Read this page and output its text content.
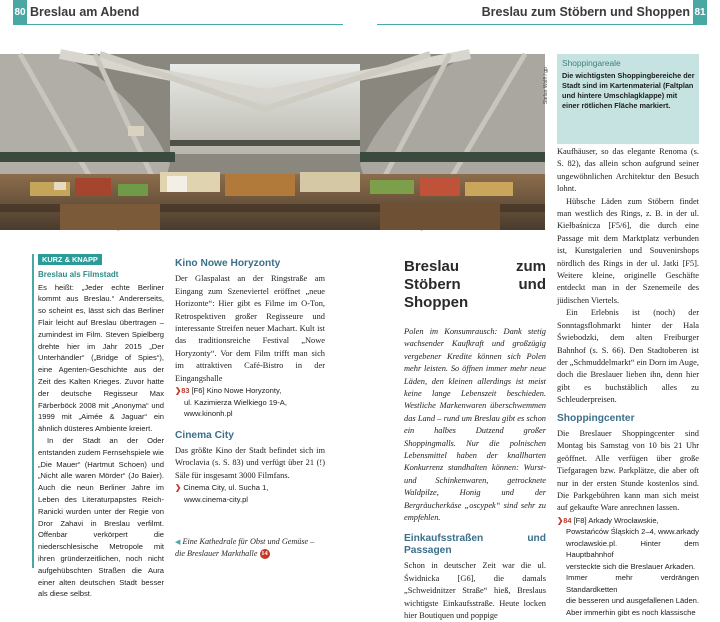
80 Breslau am Abend	Breslau zum Stöbern und Shoppen 81
Stefan Wolff / gp
Shoppingareale
Die wichtigsten Shoppingbereiche der Stadt sind im Kartenmaterial (Faltplan und hintere Umschlagklappe) mit einer rötlichen Fläche markiert.
KURZ & KNAPP
Breslau als Filmstadt

Es heißt: „Jeder echte Berliner kommt aus Breslau.“ Andererseits, so scheint es, lässt sich das Berliner Flair leicht auf Breslau übertragen – zumindest im Film. Steven Spielberg drehte hier im Jahr 2015 „Der Unterhändler“ („Bridge of Spies“), eine Agenten-Geschichte aus der Zeit des Kalten Krieges. Zuvor hatte der deutsche Regisseur Max Färberböck 2008 mit „Anonyma“ und 1999 mit „Aimée & Jaguar“ ein ähnlich düsteres Ambiente kreiert.

In der Stadt an der Oder entstanden zudem Fernsehspiele wie „Die Mauer“ (Hartmut Schoen) und „Nicht alle waren Mörder“ (Jo Baier). Auch die neun Berliner Jahre im Leben des Literaturpapstes Reich-Ranicki wurden unter der Regie von Dror Zahavi in Breslau verfilmt. Offenbar verkörpert die niederschlesische Metropole mit ihren gründerzeitlichen, noch nicht aufgehübschten Straßen die Aura einer alten deutschen Stadt besser als diese selbst.

Kino Nowe Horyzonty

Der Glaspalast an der Ringstraße am Eingang zum Szeneviertel eröffnet „neue Horizonte“: Hier gibt es Filme im O-Ton, Retrospektiven großer Regisseure und interessante Streifen neuer Machart. Kult ist das traditionsreiche Festival „Nowe Horyzonty“. Vor dem Film trifft man sich im attraktiven Café-Bistro in der Eingangshalle

❯83 [F6] Kino Nowe Horyzonty,
ul. Kazimierza Wielkiego 19-A,
www.kinonh.pl
Cinema City

Das größte Kino der Stadt befindet sich im Wroclavia (s. S. 83) und verfügt über 21 (!) Säle für insgesamt 3000 Filmfans.

❯ Cinema City, ul. Sucha 1,
www.cinema-city.pl
◀ Eine Kathedrale für Obst und Gemüse – die Breslauer Markthalle 14
Breslau zum Stöbern und Shoppen

Polen im Konsumrausch: Dank stetig wachsender Kaufkraft und großzügig vergebener Kredite können sich Polen mehr leisten. So öffnen immer mehr neue Läden, den kleinen allerdings ist meist keine lange Lebenszeit beschieden. Westliche Markenwaren überschwemmen das Land – rund um Breslau gibt es schon ein halbes Dutzend großer Shoppingmalls. Nur die polnischen Lebensmittel haben der knallharten Konkurrenz standhalten können: Wurst- und Schinkenwaren, getrocknete Waldpilze, Honig und der Bergräucherkäse „oscypek“ sind sehr zu empfehlen.

Einkaufsstraßen und Passagen

Schon in deutscher Zeit war die ul. Świdnicka [G6], die damals „Schweidnitzer Straße“ hieß, Breslaus wichtigste Einkaufsstraße. Heute locken hier Boutiquen und poppige

Kaufhäuser, so das elegante Renoma (s. S. 82), das allein schon aufgrund seiner ungewöhnlichen Architektur den Besuch lohnt.

Hübsche Läden zum Stöbern findet man westlich des Rings, z. B. in der ul. Kiełbaśnicza [F5/6], die durch eine Passage mit dem Marktplatz verbunden ist, Kunstgalerien und Souvenirshops nördlich des Rings in der ul. Jatki [F5]. Weitere kleine, originelle Geschäfte entdeckt man in der Szenemeile des jüdischen Viertels.

Ein Erlebnis ist (noch) der Sonntagsflohmarkt hinter der Hala Świebodzki, dem alten Freiburger Bahnhof (s. S. 66). Den Stadtoberen ist der „Schmuddelmarkt“ ein Dorn im Auge, doch die Breslauer lieben ihn, denn hier gibt es buchstäblich alles zu Schleuderpreisen.

Shoppingcenter

Die Breslauer Shoppingcenter sind Montag bis Samstag von 10 bis 21 Uhr geöffnet. Alle verfügen über große Tiefgaragen bzw. Parkplätze, die aber oft nur in der ersten Stunde kostenlos sind. Die Parkgebühren kann man sich meist auf gekaufte Ware anrechnen lassen.

❯84 [F8] Arkady Wrocławskie,
Powstańców Śląskich 2–4, www.arkady
wroclawskie.pl. Hinter dem Hauptbahnhof
versteckte sich die Breslauer Arkaden.
Immer mehr verdrängen Standardketten
die besseren und ausgefallenen Läden.
Aber immerhin gibt es noch klassische
